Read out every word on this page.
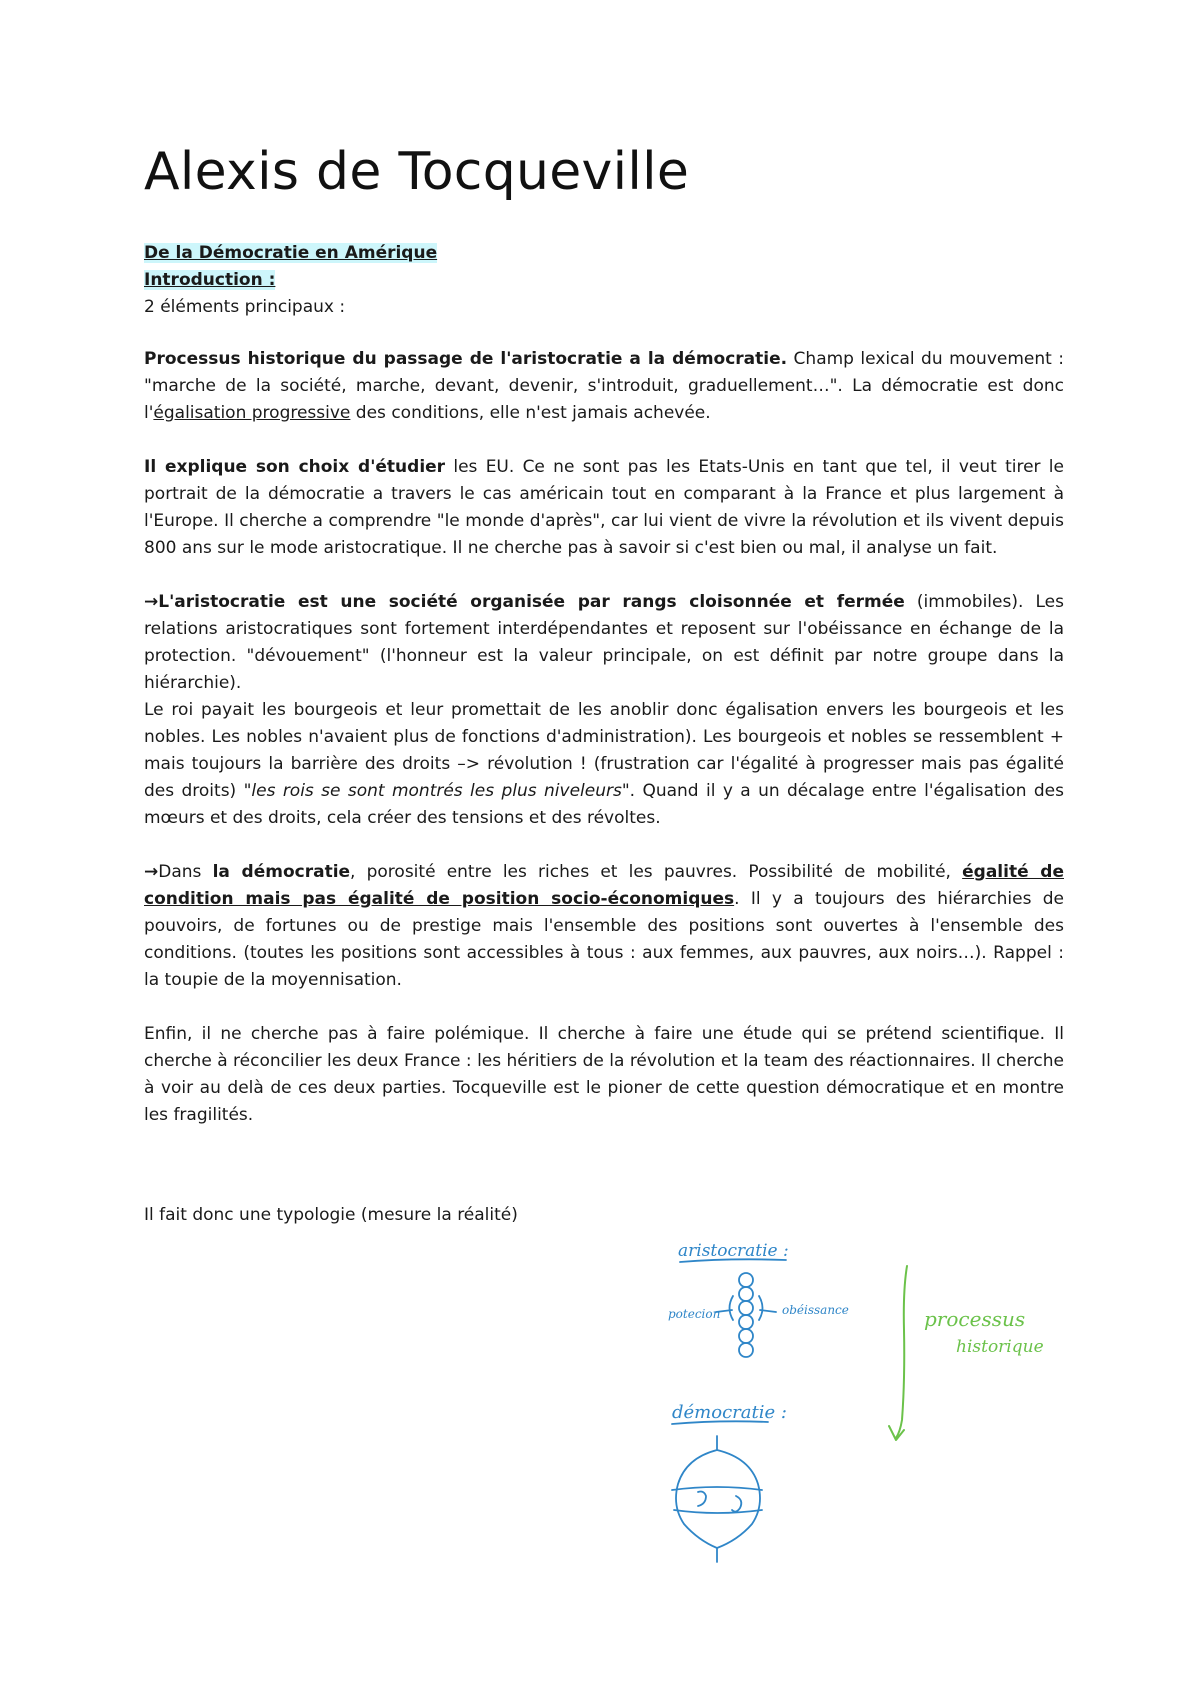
Alexis de Tocqueville
De la Démocratie en Amérique
Introduction :
2 éléments principaux :

Processus historique du passage de l'aristocratie a la démocratie. Champ lexical du mouvement : "marche de la société, marche, devant, devenir, s'introduit, graduellement…". La démocratie est donc l'égalisation progressive des conditions, elle n'est jamais achevée.

Il explique son choix d'étudier les EU. Ce ne sont pas les Etats-Unis en tant que tel, il veut tirer le portrait de la démocratie a travers le cas américain tout en comparant à la France et plus largement à l'Europe. Il cherche a comprendre "le monde d'après", car lui vient de vivre la révolution et ils vivent depuis 800 ans sur le mode aristocratique. Il ne cherche pas à savoir si c'est bien ou mal, il analyse un fait.

→L'aristocratie est une société organisée par rangs cloisonnée et fermée (immobiles). Les relations aristocratiques sont fortement interdépendantes et reposent sur l'obéissance en échange de la protection. "dévouement" (l'honneur est la valeur principale, on est définit par notre groupe dans la hiérarchie).

Le roi payait les bourgeois et leur promettait de les anoblir donc égalisation envers les bourgeois et les nobles. Les nobles n'avaient plus de fonctions d'administration). Les bourgeois et nobles se ressemblent + mais toujours la barrière des droits –> révolution ! (frustration car l'égalité à progresser mais pas égalité des droits) "les rois se sont montrés les plus niveleurs". Quand il y a un décalage entre l'égalisation des mœurs et des droits, cela créer des tensions et des révoltes.

→Dans la démocratie, porosité entre les riches et les pauvres. Possibilité de mobilité, égalité de condition mais pas égalité de position socio-économiques. Il y a toujours des hiérarchies de pouvoirs, de fortunes ou de prestige mais l'ensemble des positions sont ouvertes à l'ensemble des conditions. (toutes les positions sont accessibles à tous : aux femmes, aux pauvres, aux noirs…). Rappel : la toupie de la moyennisation.

Enfin, il ne cherche pas à faire polémique. Il cherche à faire une étude qui se prétend scientifique. Il cherche à réconcilier les deux France : les héritiers de la révolution et la team des réactionnaires. Il cherche à voir au delà de ces deux parties. Tocqueville est le pioner de cette question démocratique et en montre les fragilités.

Il fait donc une typologie (mesure la réalité)
aristocratie :
potecion	obéissance	processus
historique
démocratie :
